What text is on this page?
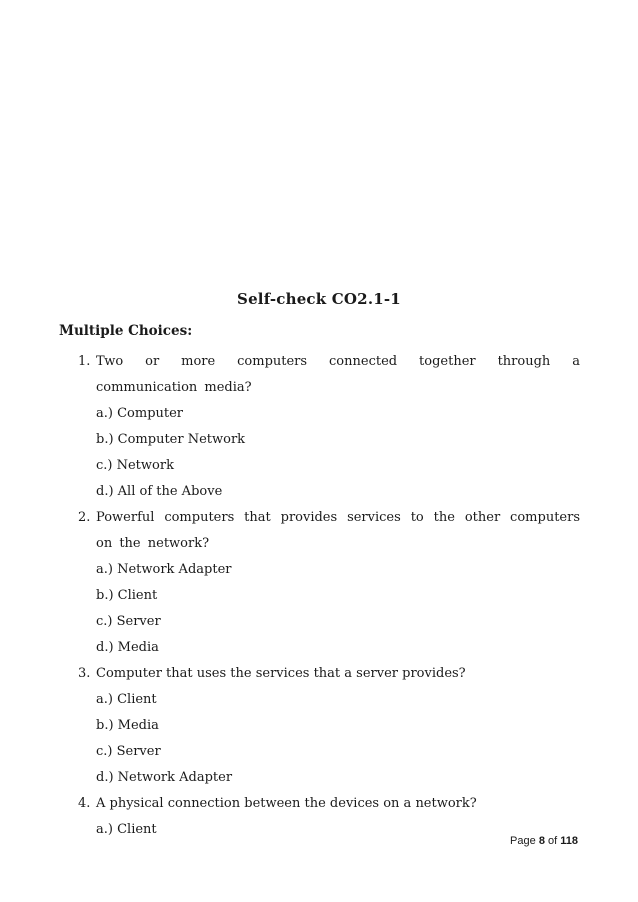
Self-check CO2.1-1
Multiple Choices:
1. Two or more computers connected together through a communication media?
a.) Computer
b.) Computer Network
c.) Network
d.) All of the Above
2. Powerful computers that provides services to the other computers on the network?
a.) Network Adapter
b.) Client
c.) Server
d.) Media
3. Computer that uses the services that a server provides?
a.) Client
b.) Media
c.) Server
d.) Network Adapter
4. A physical connection between the devices on a network?
a.) Client
Page 8 of 118
